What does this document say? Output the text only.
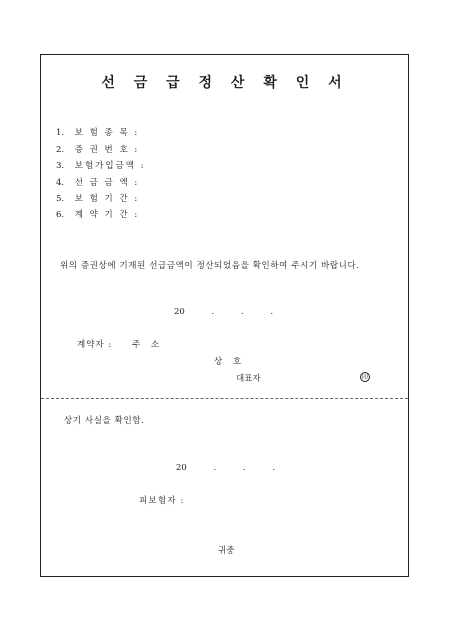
선 금 급 정 산 확 인 서
1. 보 험 종 목 :
2. 증 권 번 호 :
3. 보험가입금액 :
4. 선 금 금 액 :
5. 보 험 기 간 :
6. 계 약 기 간 :
위의 증권상에 기재된 선급금액이 정산되었음을 확인하여 주시기 바랍니다.
20 . . .
계약자 : 주 소
상 호
대표자	印
상기 사실을 확인함.
20 . . .
피보험자 :
귀중
